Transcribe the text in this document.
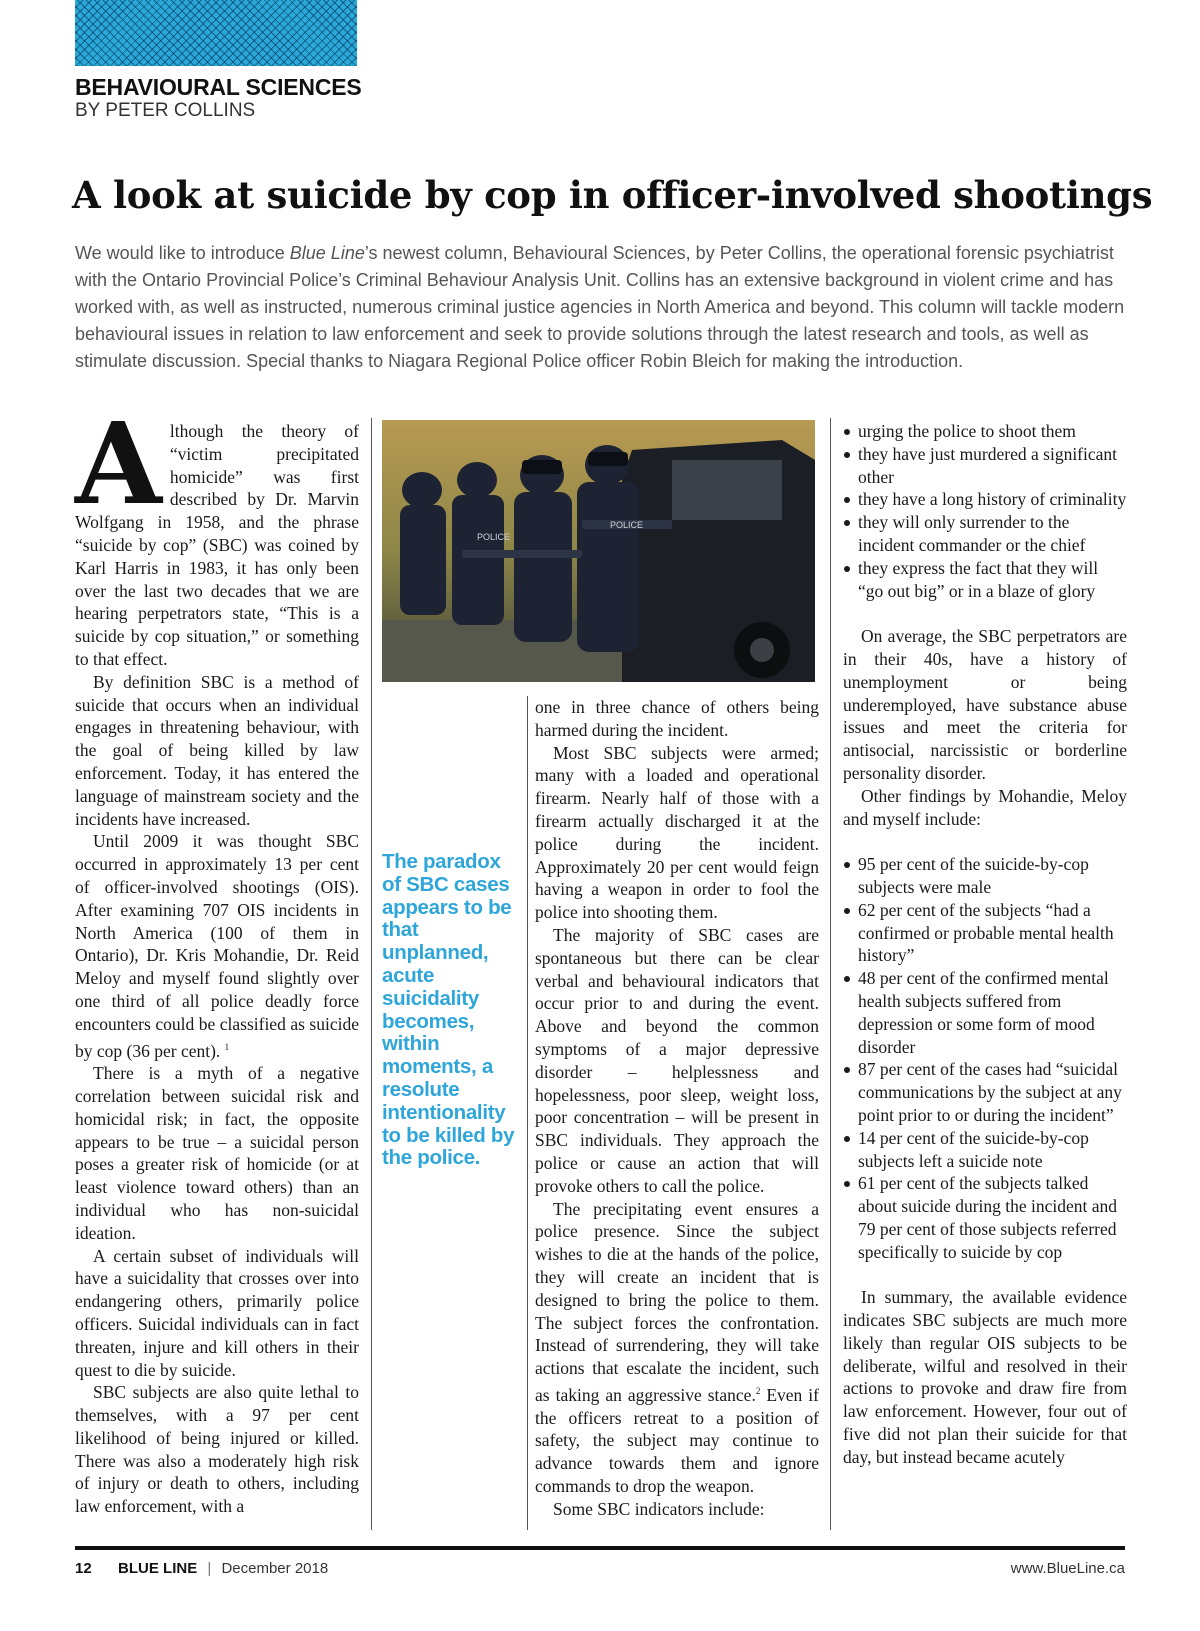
BEHAVIOURAL SCIENCES
BY PETER COLLINS
A look at suicide by cop in officer-involved shootings

We would like to introduce Blue Line’s newest column, Behavioural Sciences, by Peter Collins, the operational forensic psychiatrist with the Ontario Provincial Police’s Criminal Behaviour Analysis Unit. Collins has an extensive background in violent crime and has worked with, as well as instructed, numerous criminal justice agencies in North America and beyond. This column will tackle modern behavioural issues in relation to law enforcement and seek to provide solutions through the latest research and tools, as well as stimulate discussion. Special thanks to Niagara Regional Police officer Robin Bleich for making the introduction.

Although the theory of “victim precipitated homicide” was first described by Dr. Marvin Wolfgang in 1958, and the phrase “suicide by cop” (SBC) was coined by Karl Harris in 1983, it has only been over the last two decades that we are hearing perpetrators state, “This is a suicide by cop situation,” or something to that effect.

By definition SBC is a method of suicide that occurs when an individual engages in threatening behaviour, with the goal of being killed by law enforcement. Today, it has entered the language of mainstream society and the incidents have increased.

Until 2009 it was thought SBC occurred in approximately 13 per cent of officer-involved shootings (OIS). After examining 707 OIS incidents in North America (100 of them in Ontario), Dr. Kris Mohandie, Dr. Reid Meloy and myself found slightly over one third of all police deadly force encounters could be classified as suicide by cop (36 per cent). $^1$

There is a myth of a negative correlation between suicidal risk and homicidal risk; in fact, the opposite appears to be true – a suicidal person poses a greater risk of homicide (or at least violence toward others) than an individual who has non-suicidal ideation.

A certain subset of individuals will have a suicidality that crosses over into endangering others, primarily police officers. Suicidal individuals can in fact threaten, injure and kill others in their quest to die by suicide.

SBC subjects are also quite lethal to themselves, with a 97 per cent likelihood of being injured or killed. There was also a moderately high risk of injury or death to others, including law enforcement, with a

POLICE
POLICE
The paradox of SBC cases appears to be that unplanned, acute suicidality becomes, within moments, a resolute intentionality to be killed by the police.

one in three chance of others being harmed during the incident.

Most SBC subjects were armed; many with a loaded and operational firearm. Nearly half of those with a firearm actually discharged it at the police during the incident. Approximately 20 per cent would feign having a weapon in order to fool the police into shooting them.

The majority of SBC cases are spontaneous but there can be clear verbal and behavioural indicators that occur prior to and during the event. Above and beyond the common symptoms of a major depressive disorder – helplessness and hopelessness, poor sleep, weight loss, poor concentration – will be present in SBC individuals. They approach the police or cause an action that will provoke others to call the police.

The precipitating event ensures a police presence. Since the subject wishes to die at the hands of the police, they will create an incident that is designed to bring the police to them. The subject forces the confrontation. Instead of surrendering, they will take actions that escalate the incident, such as taking an aggressive stance.$^2$ Even if the officers retreat to a position of safety, the subject may continue to advance towards them and ignore commands to drop the weapon.

Some SBC indicators include:

urging the police to shoot them
they have just murdered a significant other
they have a long history of criminality
they will only surrender to the incident commander or the chief
they express the fact that they will “go out big” or in a blaze of glory

On average, the SBC perpetrators are in their 40s, have a history of unemployment or being underemployed, have substance abuse issues and meet the criteria for antisocial, narcissistic or borderline personality disorder.

Other findings by Mohandie, Meloy and myself include:

95 per cent of the suicide-by-cop subjects were male
62 per cent of the subjects “had a confirmed or probable mental health history”
48 per cent of the confirmed mental health subjects suffered from depression or some form of mood disorder
87 per cent of the cases had “suicidal communications by the subject at any point prior to or during the incident”
14 per cent of the suicide-by-cop subjects left a suicide note
61 per cent of the subjects talked about suicide during the incident and 79 per cent of those subjects referred specifically to suicide by cop

In summary, the available evidence indicates SBC subjects are much more likely than regular OIS subjects to be deliberate, wilful and resolved in their actions to provoke and draw fire from law enforcement. However, four out of five did not plan their suicide for that day, but instead became acutely

12 BLUE LINE | December 2018	www.BlueLine.ca
